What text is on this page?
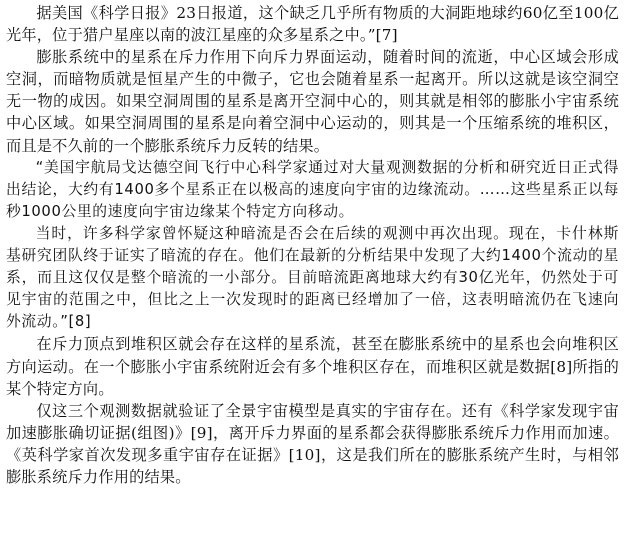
据美国《科学日报》23日报道，这个缺乏几乎所有物质的大洞距地球约60亿至100亿光年，位于猎户星座以南的波江星座的众多星系之中。”[7]

膨胀系统中的星系在斥力作用下向斥力界面运动，随着时间的流逝，中心区域会形成空洞，而暗物质就是恒星产生的中微子，它也会随着星系一起离开。所以这就是该空洞空无一物的成因。如果空洞周围的星系是离开空洞中心的，则其就是相邻的膨胀小宇宙系统中心区域。如果空洞周围的星系是向着空洞中心运动的，则其是一个压缩系统的堆积区，而且是不久前的一个膨胀系统斥力反转的结果。

“美国宇航局戈达德空间飞行中心科学家通过对大量观测数据的分析和研究近日正式得出结论，大约有1400多个星系正在以极高的速度向宇宙的边缘流动。……这些星系正以每秒1000公里的速度向宇宙边缘某个特定方向移动。

当时，许多科学家曾怀疑这种暗流是否会在后续的观测中再次出现。现在，卡什林斯基研究团队终于证实了暗流的存在。他们在最新的分析结果中发现了大约1400个流动的星系，而且这仅仅是整个暗流的一小部分。目前暗流距离地球大约有30亿光年，仍然处于可见宇宙的范围之中，但比之上一次发现时的距离已经增加了一倍，这表明暗流仍在飞速向外流动。”[8]

在斥力顶点到堆积区就会存在这样的星系流，甚至在膨胀系统中的星系也会向堆积区方向运动。在一个膨胀小宇宙系统附近会有多个堆积区存在，而堆积区就是数据[8]所指的某个特定方向。

仅这三个观测数据就验证了全景宇宙模型是真实的宇宙存在。还有《科学家发现宇宙加速膨胀确切证据(组图)》[9]，离开斥力界面的星系都会获得膨胀系统斥力作用而加速。《英科学家首次发现多重宇宙存在证据》[10]，这是我们所在的膨胀系统产生时，与相邻膨胀系统斥力作用的结果。
